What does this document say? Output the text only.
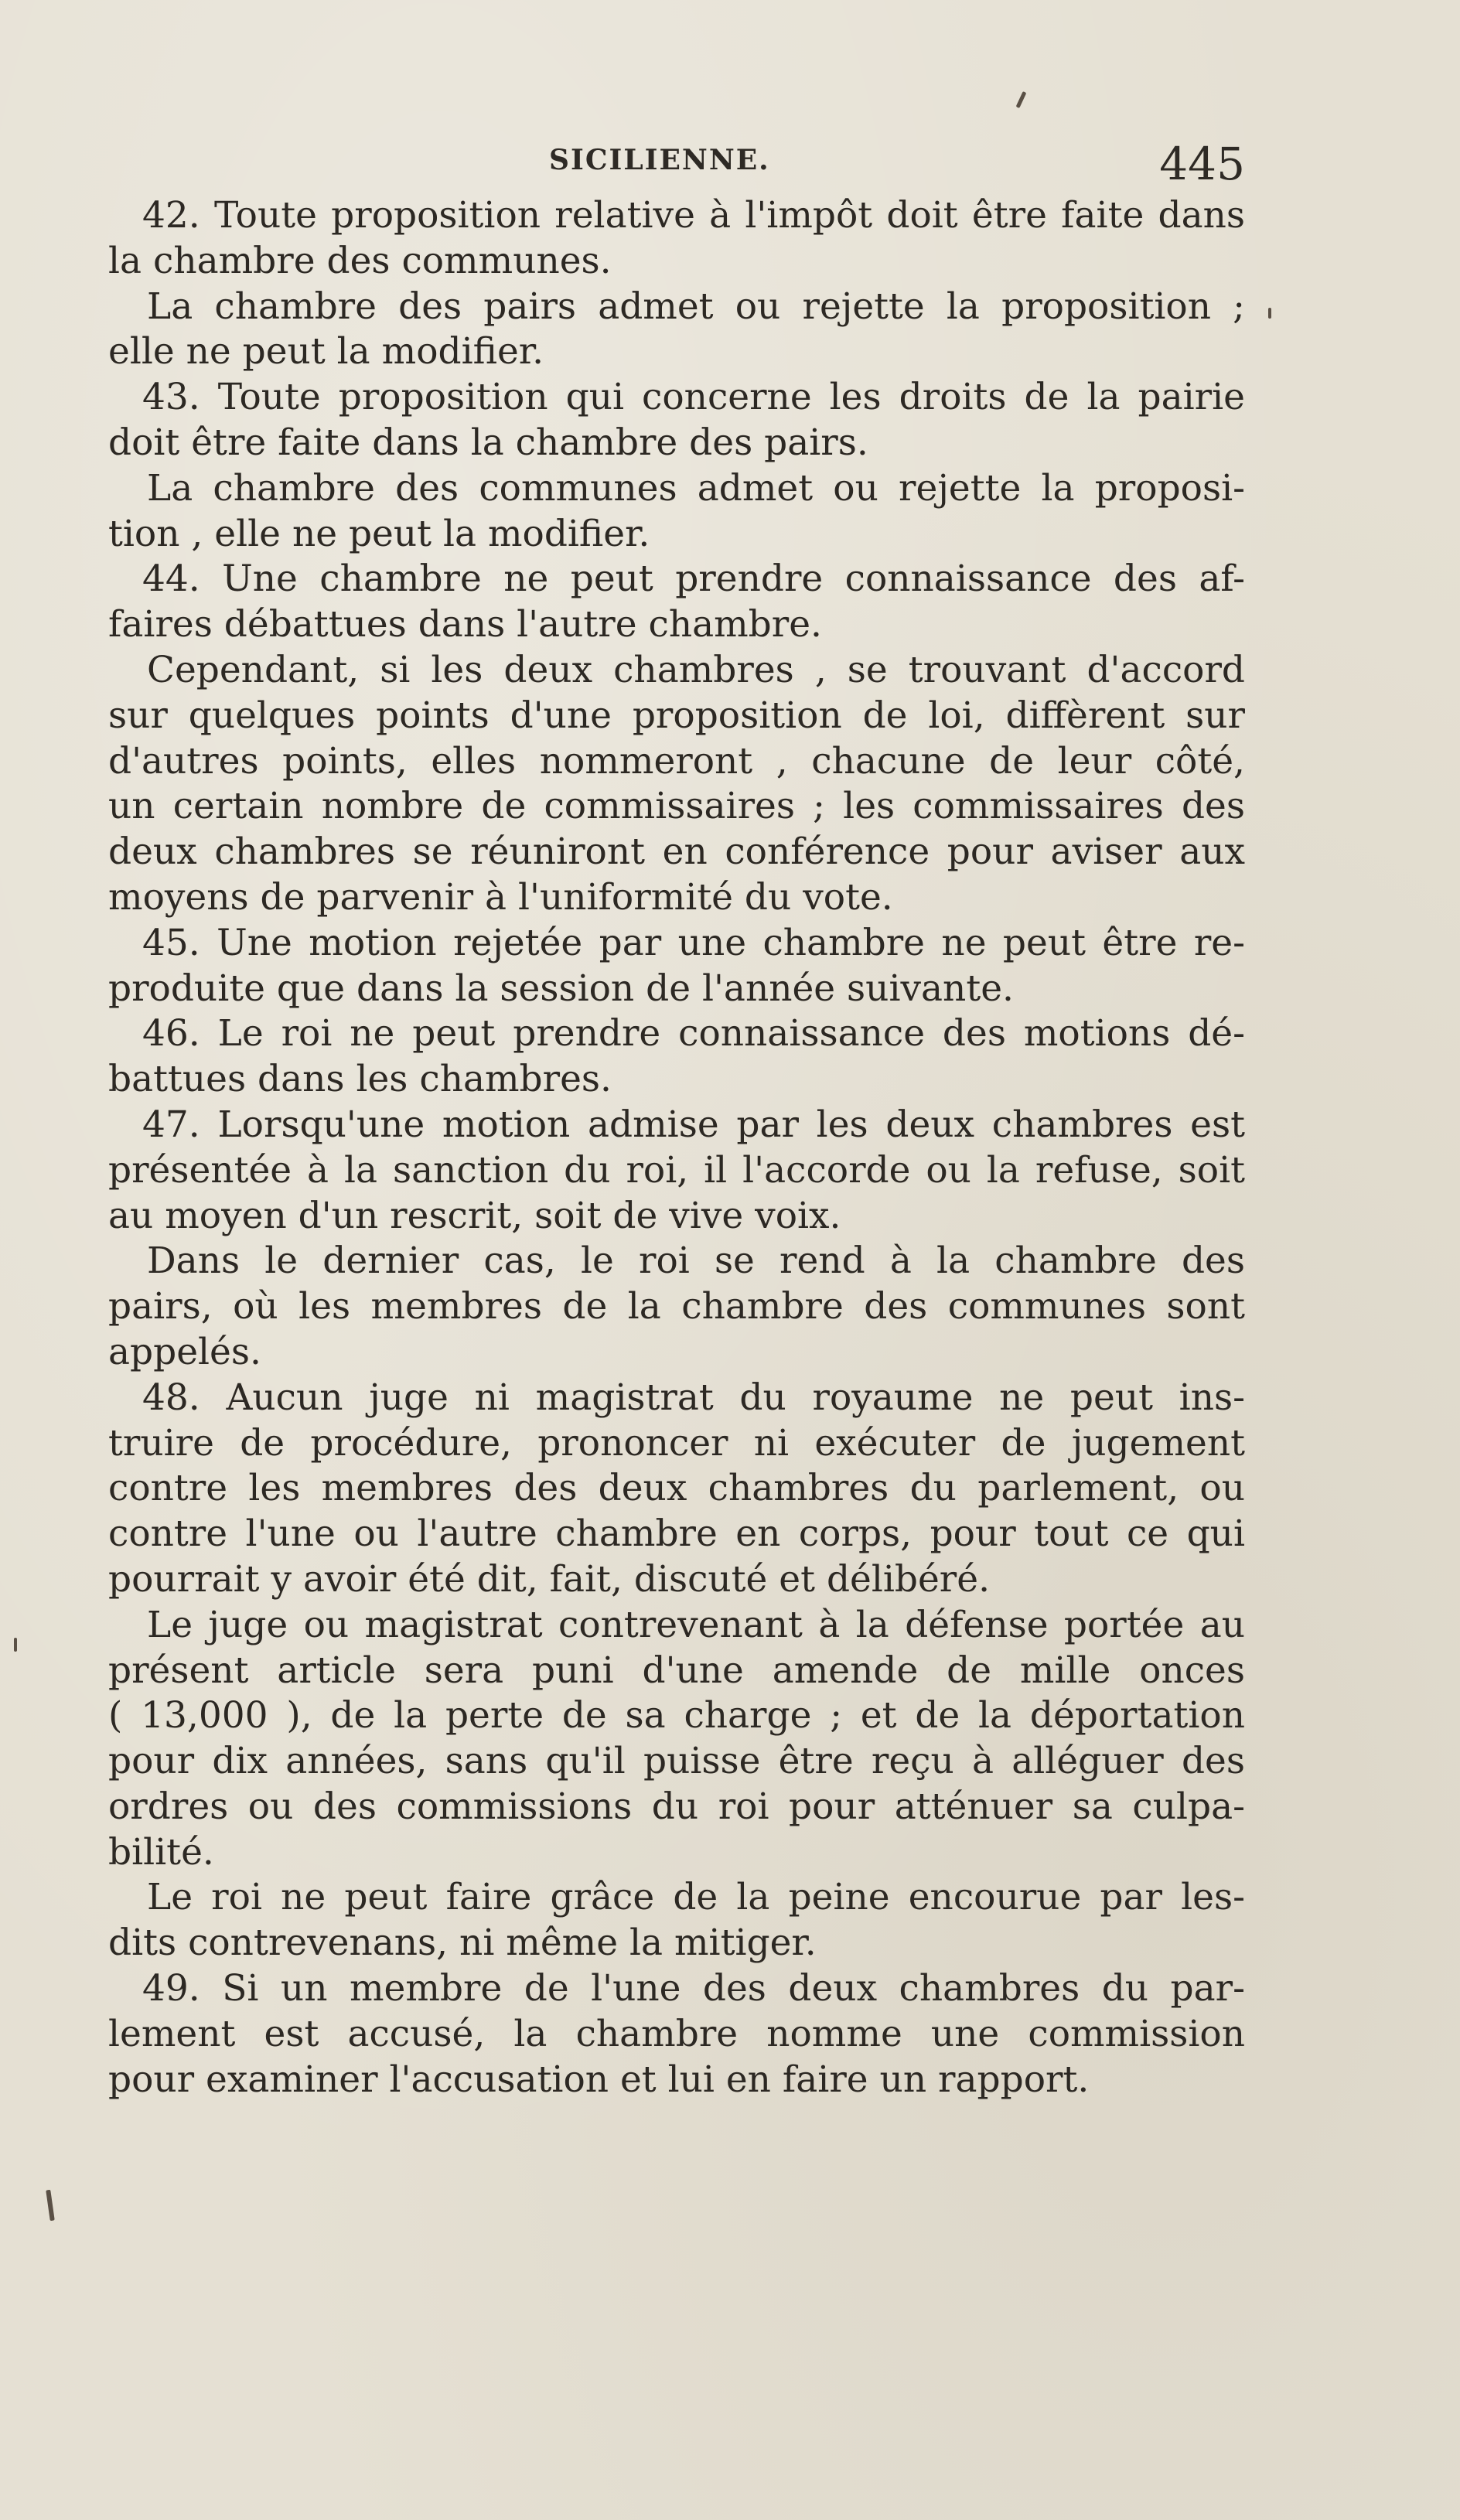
SICILIENNE.	445
42. Toute proposition relative à l'impôt doit être faite dans
la chambre des communes.
La chambre des pairs admet ou rejette la proposition ;
elle ne peut la modifier.
43. Toute proposition qui concerne les droits de la pairie
doit être faite dans la chambre des pairs.
La chambre des communes admet ou rejette la proposi-
tion , elle ne peut la modifier.
44. Une chambre ne peut prendre connaissance des af-
faires débattues dans l'autre chambre.
Cependant, si les deux chambres , se trouvant d'accord
sur quelques points d'une proposition de loi, diffèrent sur
d'autres points, elles nommeront , chacune de leur côté,
un certain nombre de commissaires ; les commissaires des
deux chambres se réuniront en conférence pour aviser aux
moyens de parvenir à l'uniformité du vote.
45. Une motion rejetée par une chambre ne peut être re-
produite que dans la session de l'année suivante.
46. Le roi ne peut prendre connaissance des motions dé-
battues dans les chambres.
47. Lorsqu'une motion admise par les deux chambres est
présentée à la sanction du roi, il l'accorde ou la refuse, soit
au moyen d'un rescrit, soit de vive voix.
Dans le dernier cas, le roi se rend à la chambre des
pairs, où les membres de la chambre des communes sont
appelés.
48. Aucun juge ni magistrat du royaume ne peut ins-
truire de procédure, prononcer ni exécuter de jugement
contre les membres des deux chambres du parlement, ou
contre l'une ou l'autre chambre en corps, pour tout ce qui
pourrait y avoir été dit, fait, discuté et délibéré.
Le juge ou magistrat contrevenant à la défense portée au
présent article sera puni d'une amende de mille onces
( 13,000 ), de la perte de sa charge ; et de la déportation
pour dix années, sans qu'il puisse être reçu à alléguer des
ordres ou des commissions du roi pour atténuer sa culpa-
bilité.
Le roi ne peut faire grâce de la peine encourue par les-
dits contrevenans, ni même la mitiger.
49. Si un membre de l'une des deux chambres du par-
lement est accusé, la chambre nomme une commission
pour examiner l'accusation et lui en faire un rapport.
